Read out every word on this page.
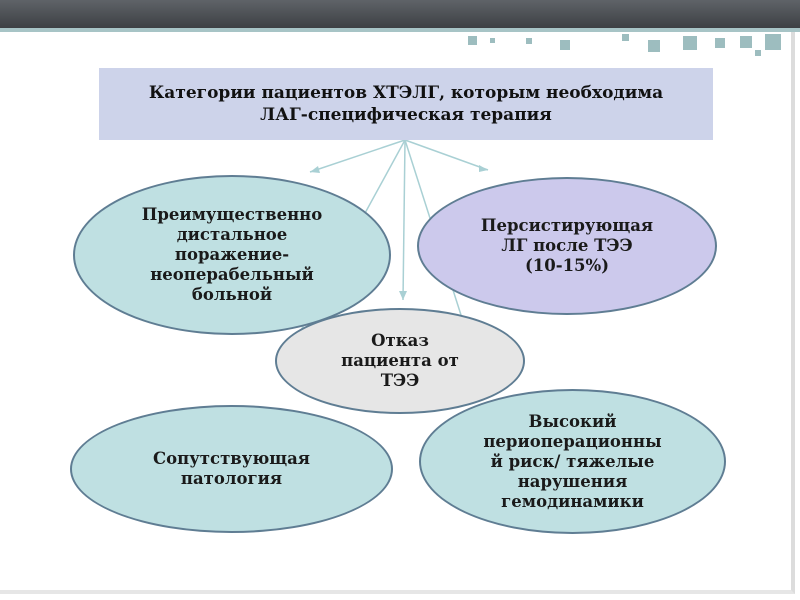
Категории пациентов ХТЭЛГ, которым необходима
ЛАГ-специфическая терапия
Преимущественно
дистальное
поражение-
неоперабельный
больной
Персистирующая
ЛГ после ТЭЭ
(10-15%)
Сопутствующая
патология
Высокий
периоперационны
й риск/ тяжелые
нарушения
гемодинамики
Отказ
пациента от
ТЭЭ
